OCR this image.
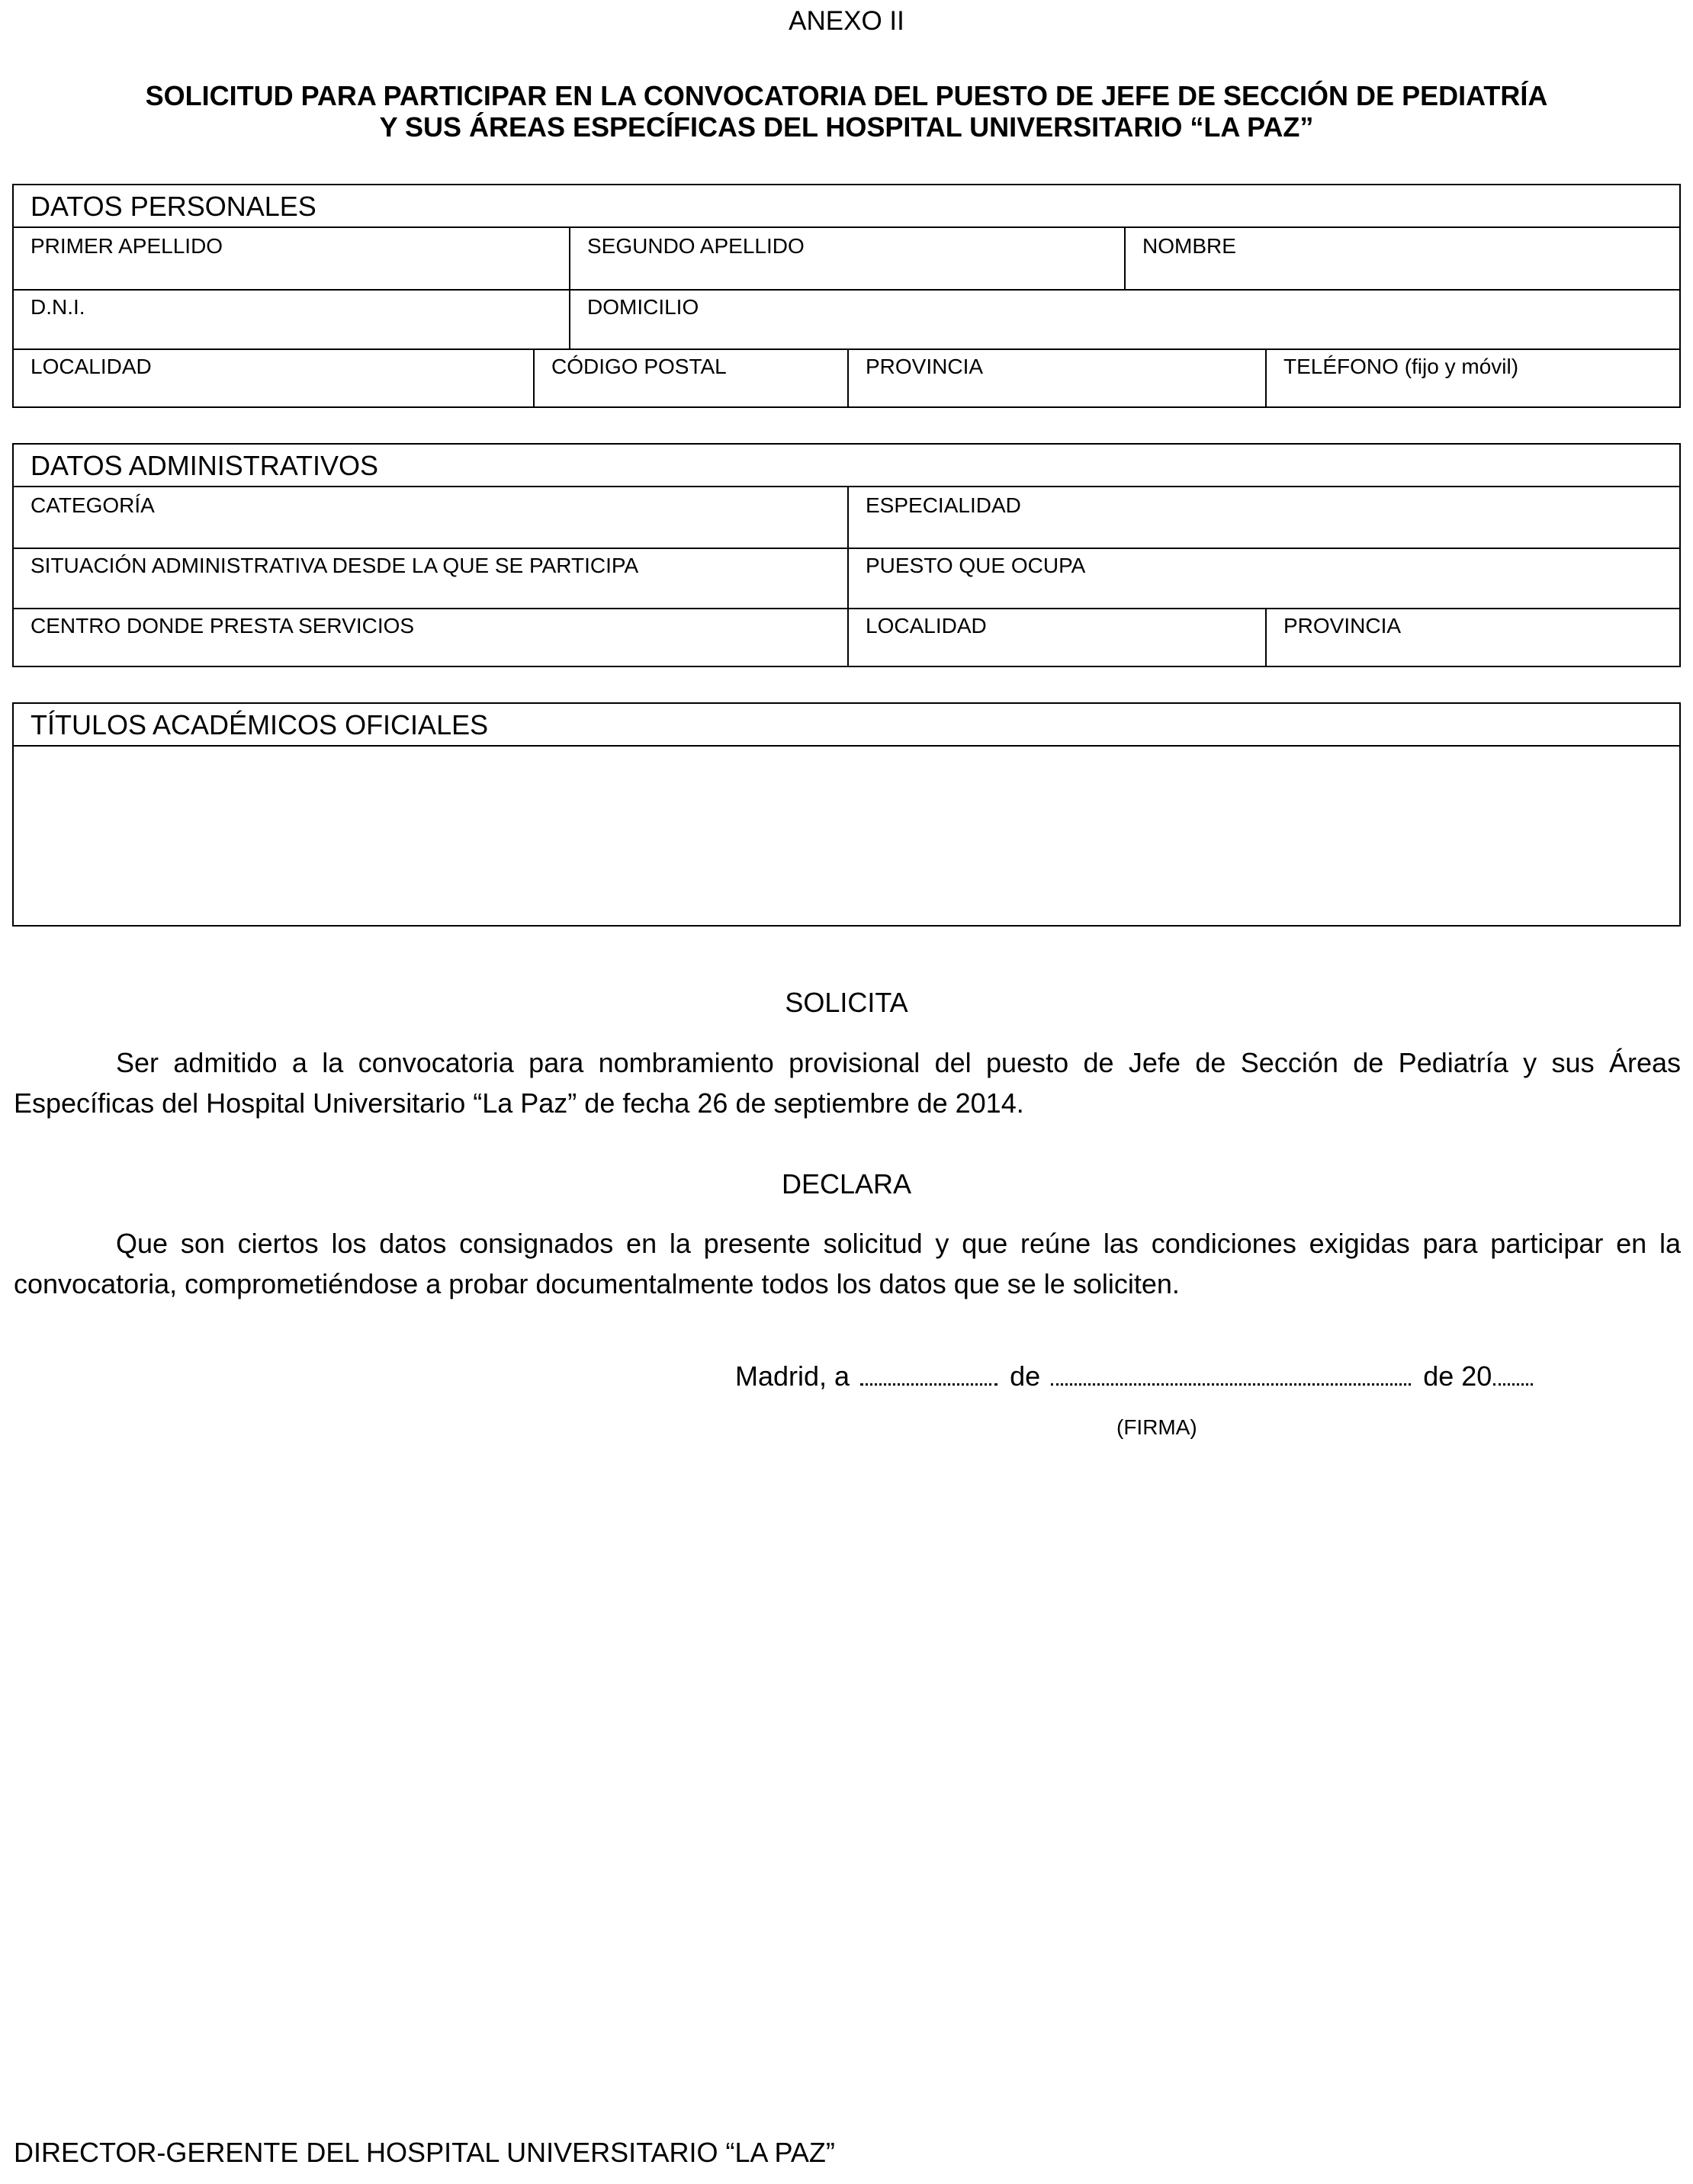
ANEXO II
SOLICITUD PARA PARTICIPAR EN LA CONVOCATORIA DEL PUESTO DE JEFE DE SECCIÓN DE PEDIATRÍA
Y SUS ÁREAS ESPECÍFICAS DEL HOSPITAL UNIVERSITARIO “LA PAZ”
DATOS PERSONALES
PRIMER APELLIDO	SEGUNDO APELLIDO	NOMBRE
D.N.I.	DOMICILIO
LOCALIDAD	CÓDIGO POSTAL	PROVINCIA	TELÉFONO (fijo y móvil)
DATOS ADMINISTRATIVOS
CATEGORÍA	ESPECIALIDAD
SITUACIÓN ADMINISTRATIVA DESDE LA QUE SE PARTICIPA	PUESTO QUE OCUPA
CENTRO DONDE PRESTA SERVICIOS	LOCALIDAD	PROVINCIA
TÍTULOS ACADÉMICOS OFICIALES
SOLICITA
Ser admitido a la convocatoria para nombramiento provisional del puesto de Jefe de Sección de Pediatría y sus Áreas Específicas del Hospital Universitario “La Paz” de fecha 26 de septiembre de 2014.
DECLARA
Que son ciertos los datos consignados en la presente solicitud y que reúne las condiciones exigidas para participar en la convocatoria, comprometiéndose a probar documentalmente todos los datos que se le soliciten.
Madrid, a	de	de 20
(FIRMA)
DIRECTOR-GERENTE DEL HOSPITAL UNIVERSITARIO “LA PAZ”
